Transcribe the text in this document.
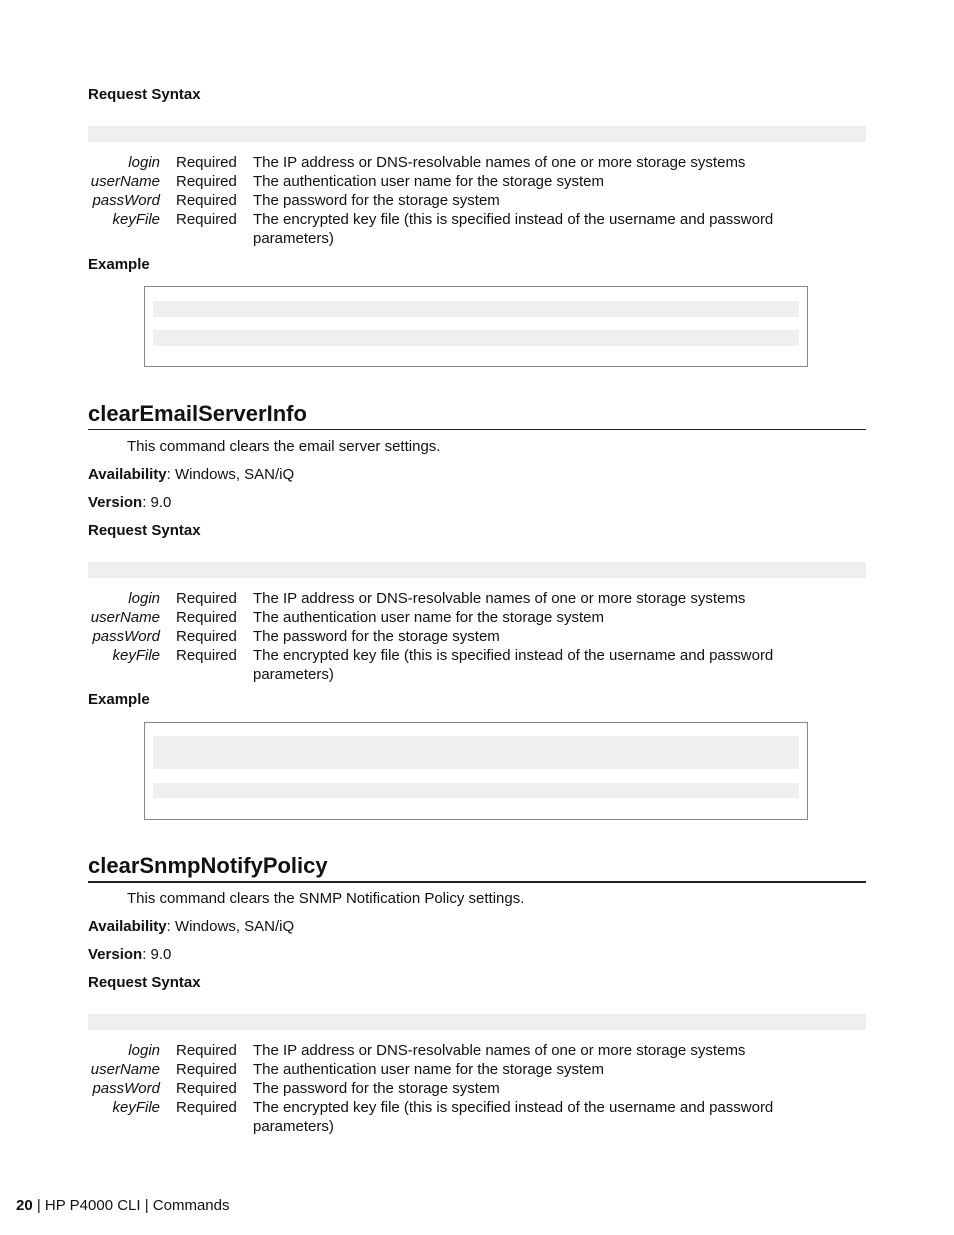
Request Syntax
login	Required	The IP address or DNS-resolvable names of one or more storage systems
userName	Required	The authentication user name for the storage system
passWord	Required	The password for the storage system
keyFile	Required	The encrypted key file (this is specified instead of the username and password parameters)
Example
clearEmailServerInfo
This command clears the email server settings.
Availability: Windows, SAN/iQ
Version: 9.0
Request Syntax
login	Required	The IP address or DNS-resolvable names of one or more storage systems
userName	Required	The authentication user name for the storage system
passWord	Required	The password for the storage system
keyFile	Required	The encrypted key file (this is specified instead of the username and password parameters)
Example
clearSnmpNotifyPolicy
This command clears the SNMP Notification Policy settings.
Availability: Windows, SAN/iQ
Version: 9.0
Request Syntax
login	Required	The IP address or DNS-resolvable names of one or more storage systems
userName	Required	The authentication user name for the storage system
passWord	Required	The password for the storage system
keyFile	Required	The encrypted key file (this is specified instead of the username and password parameters)
20 | HP P4000 CLI | Commands
